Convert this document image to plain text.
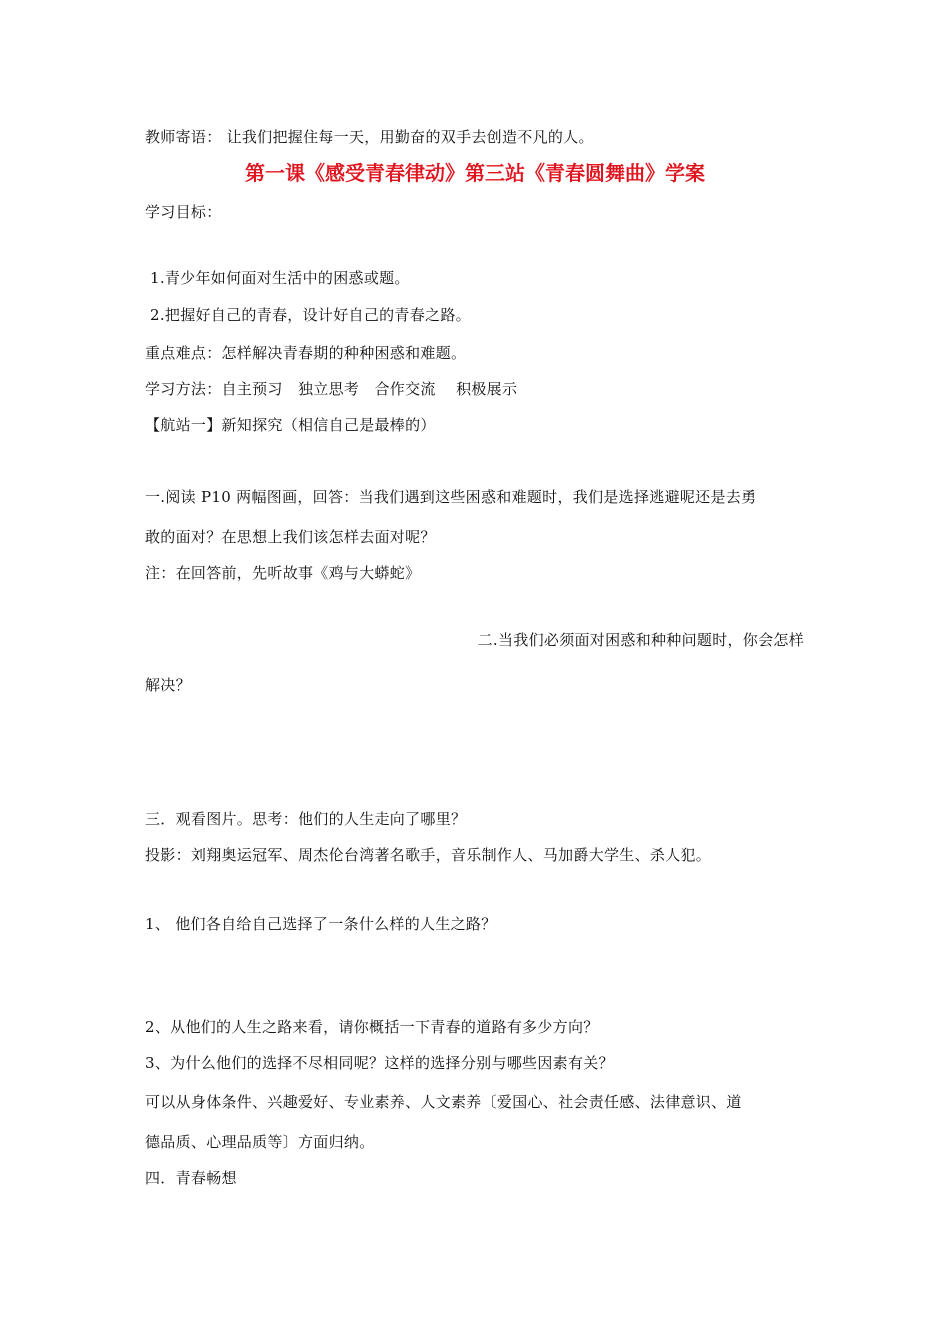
教师寄语： 让我们把握住每一天，用勤奋的双手去创造不凡的人。
第一课《感受青春律动》第三站《青春圆舞曲》学案
学习目标：
1.青少年如何面对生活中的困惑或题。
2.把握好自己的青春，设计好自己的青春之路。
重点难点：怎样解决青春期的种种困惑和难题。
学习方法：自主预习　独立思考　合作交流　 积极展示
【航站一】新知探究（相信自己是最棒的）
一.阅读 P10 两幅图画，回答：当我们遇到这些困惑和难题时，我们是选择逃避呢还是去勇
敢的面对？在思想上我们该怎样去面对呢？
注：在回答前，先听故事《鸡与大蟒蛇》
二.当我们必须面对困惑和种种问题时，你会怎样
解决？
三．观看图片。思考：他们的人生走向了哪里？
投影：刘翔奥运冠军、周杰伦台湾著名歌手，音乐制作人、马加爵大学生、杀人犯。
1、 他们各自给自己选择了一条什么样的人生之路？
2、从他们的人生之路来看，请你概括一下青春的道路有多少方向？
3、为什么他们的选择不尽相同呢？这样的选择分别与哪些因素有关？
可以从身体条件、兴趣爱好、专业素养、人文素养〔爱国心、社会责任感、法律意识、道
德品质、心理品质等〕方面归纳。
四．青春畅想
